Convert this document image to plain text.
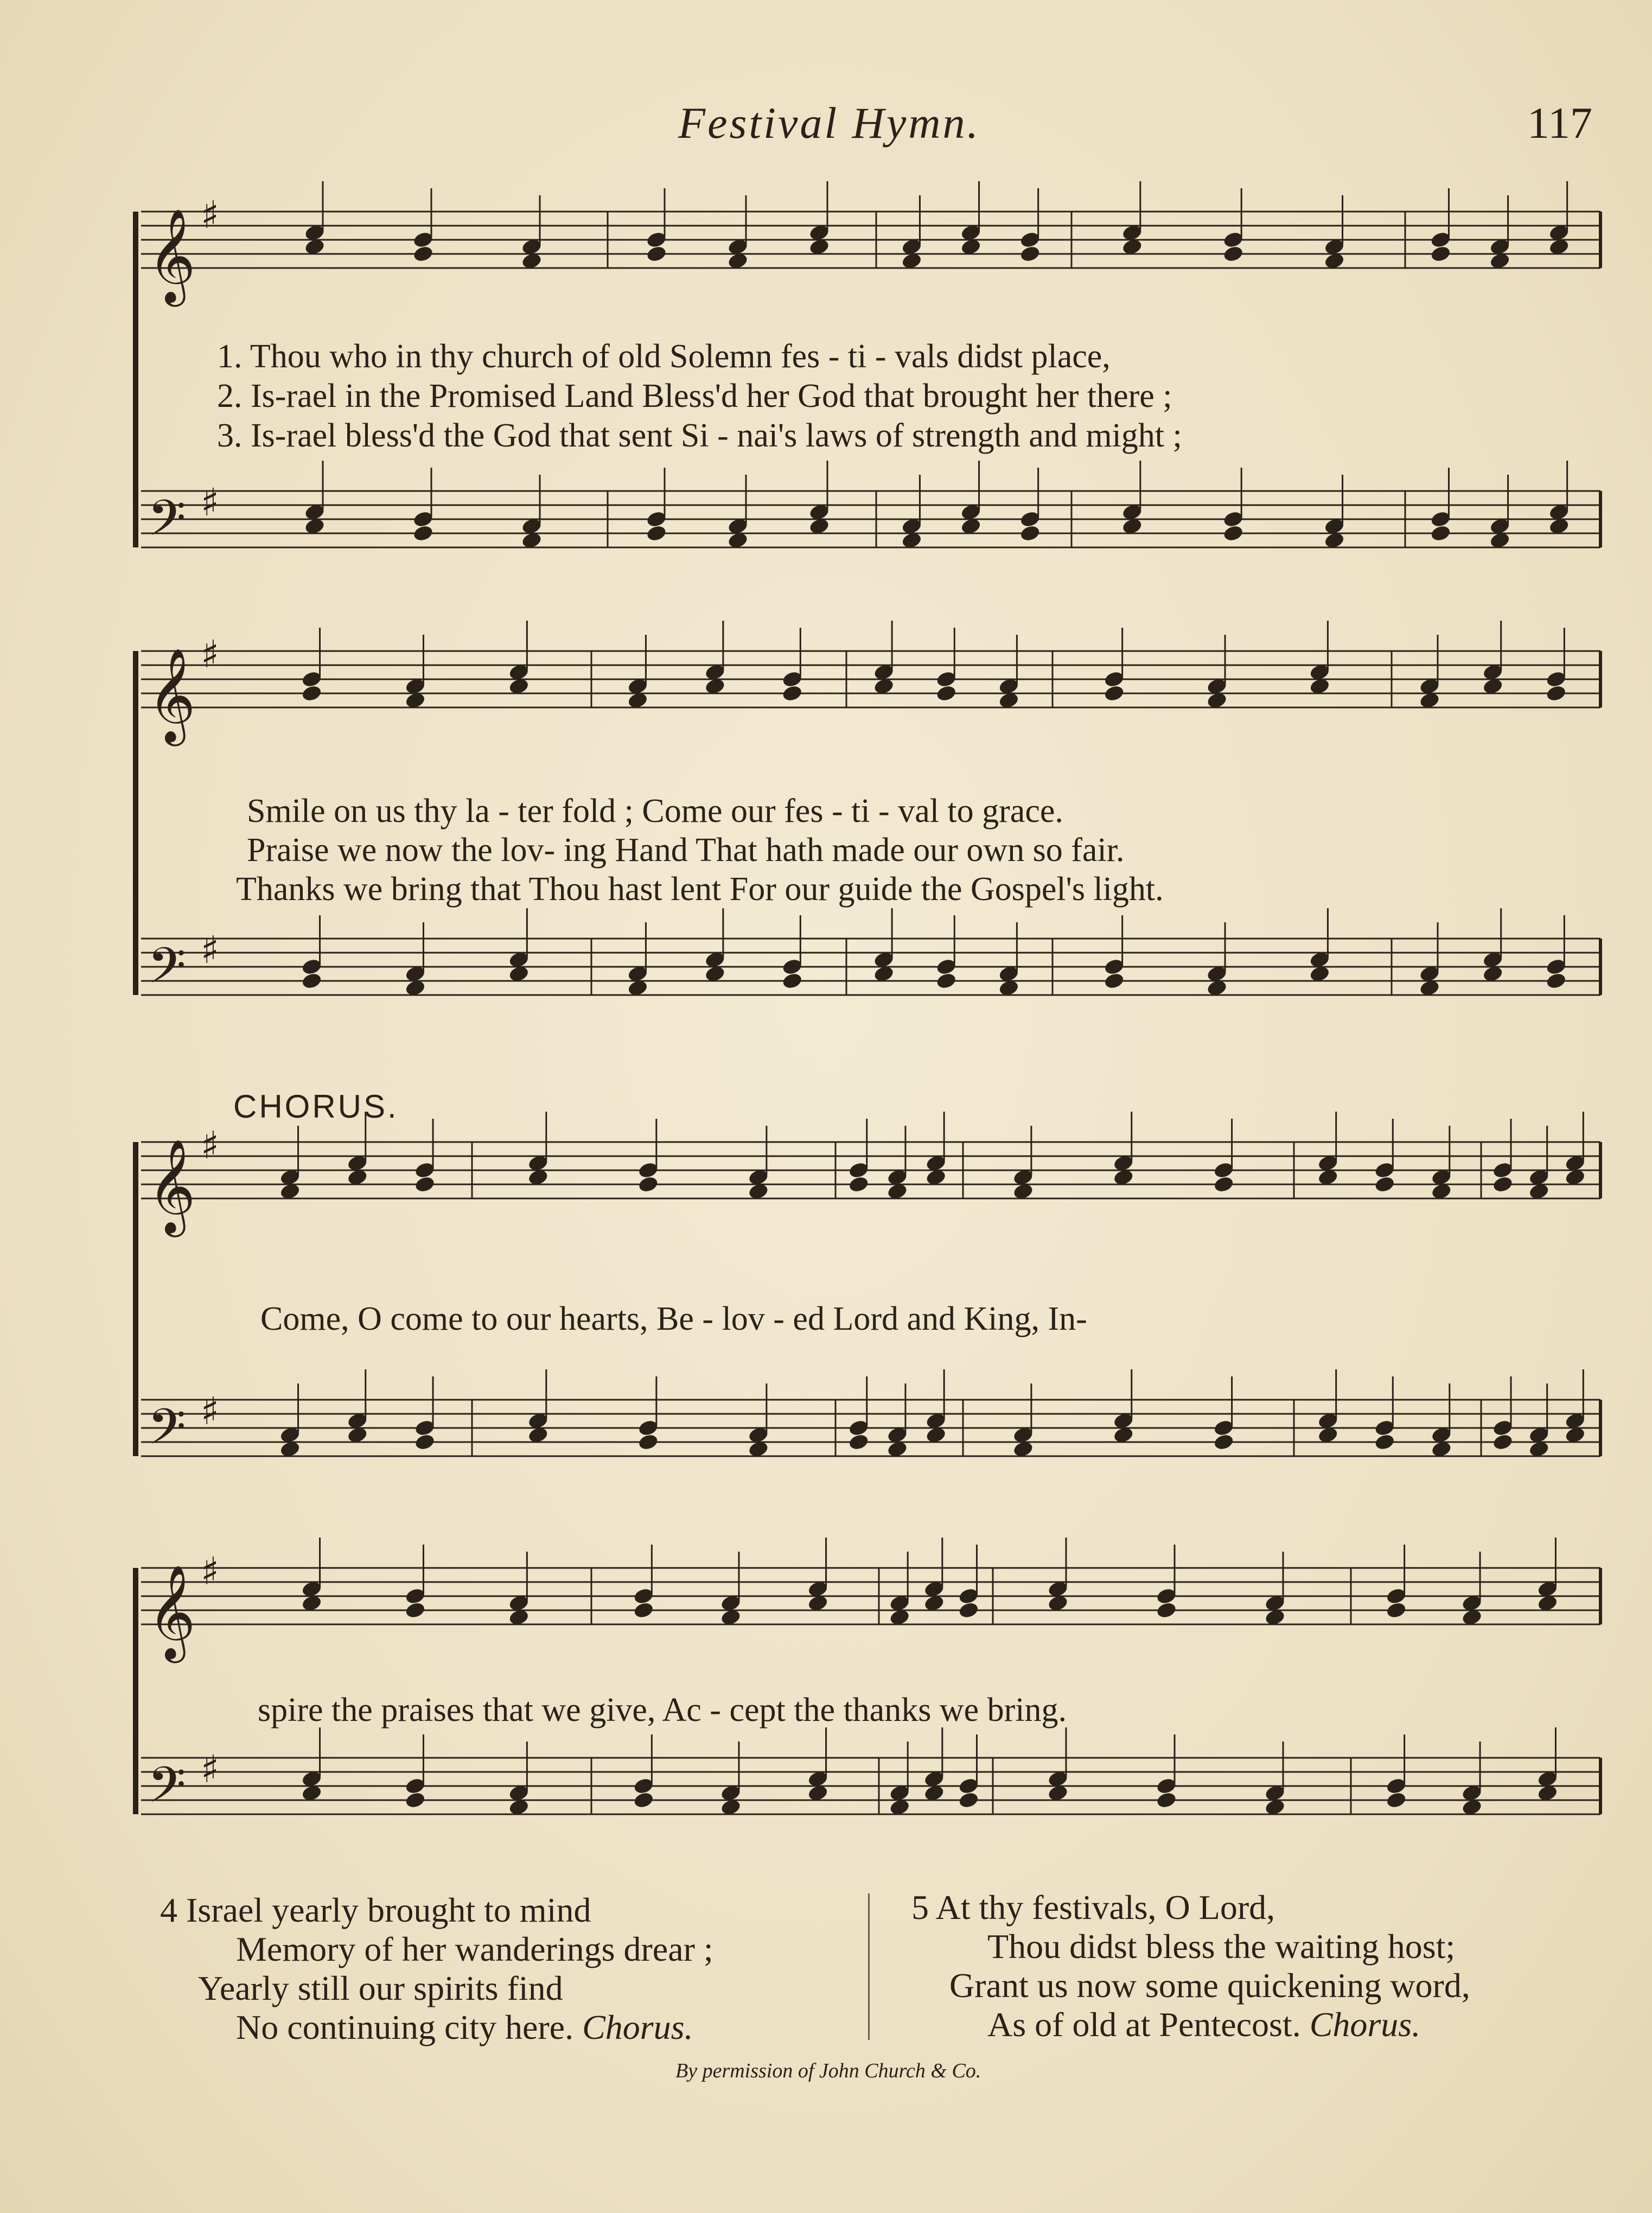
Festival Hymn.	117
𝄞 ♯
𝄢 ♯
𝄞 ♯
𝄢 ♯
𝄞 ♯
𝄢 ♯
𝄞 ♯
𝄢 ♯
1. Thou who in thy church of old Solemn fes - ti - vals didst place,
2. Is-rael in the Promised Land Bless'd her God that brought her there ;
3. Is-rael bless'd the God that sent Si - nai's laws of strength and might ;
Smile on us thy la - ter fold ; Come our fes - ti - val to grace.
Praise we now the lov- ing Hand That hath made our own so fair.
Thanks we bring that Thou hast lent For our guide the Gospel's light.
CHORUS.
Come, O come to our hearts, Be - lov - ed Lord and King, In-
spire the praises that we give, Ac - cept the thanks we bring.
4 Israel yearly brought to mind
Memory of her wanderings drear ;
Yearly still our spirits find
No continuing city here. Chorus.
5 At thy festivals, O Lord,
Thou didst bless the waiting host;
Grant us now some quickening word,
As of old at Pentecost. Chorus.
By permission of John Church & Co.
